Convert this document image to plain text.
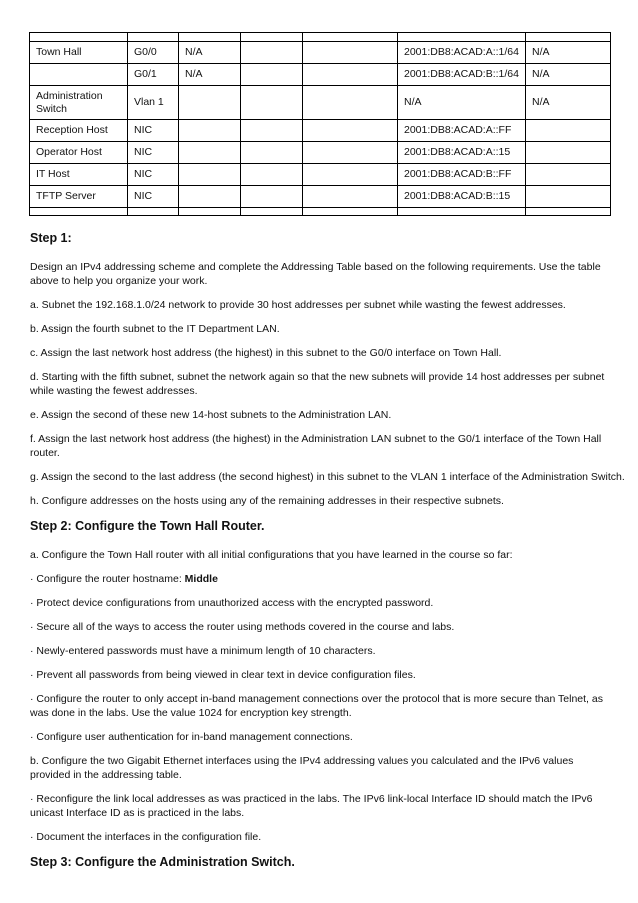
Town Hall	G0/0	N/A			2001:DB8:ACAD:A::1/64	N/A
	G0/1	N/A			2001:DB8:ACAD:B::1/64	N/A
Administration Switch	Vlan 1				N/A	N/A
Reception Host	NIC				2001:DB8:ACAD:A::FF	
Operator Host	NIC				2001:DB8:ACAD:A::15	
IT Host	NIC				2001:DB8:ACAD:B::FF	
TFTP Server	NIC				2001:DB8:ACAD:B::15	

Step 1:

Design an IPv4 addressing scheme and complete the Addressing Table based on the following requirements. Use the table above to help you organize your work.

a. Subnet the 192.168.1.0/24 network to provide 30 host addresses per subnet while wasting the fewest addresses.

b. Assign the fourth subnet to the IT Department LAN.

c. Assign the last network host address (the highest) in this subnet to the G0/0 interface on Town Hall.

d. Starting with the fifth subnet, subnet the network again so that the new subnets will provide 14 host addresses per subnet while wasting the fewest addresses.

e. Assign the second of these new 14-host subnets to the Administration LAN.

f. Assign the last network host address (the highest) in the Administration LAN subnet to the G0/1 interface of the Town Hall router.

g. Assign the second to the last address (the second highest) in this subnet to the VLAN 1 interface of the Administration Switch.

h. Configure addresses on the hosts using any of the remaining addresses in their respective subnets.

Step 2: Configure the Town Hall Router.

a. Configure the Town Hall router with all initial configurations that you have learned in the course so far:

· Configure the router hostname: Middle

· Protect device configurations from unauthorized access with the encrypted password.

· Secure all of the ways to access the router using methods covered in the course and labs.

· Newly-entered passwords must have a minimum length of 10 characters.

· Prevent all passwords from being viewed in clear text in device configuration files.

· Configure the router to only accept in-band management connections over the protocol that is more secure than Telnet, as was done in the labs. Use the value 1024 for encryption key strength.

· Configure user authentication for in-band management connections.

b. Configure the two Gigabit Ethernet interfaces using the IPv4 addressing values you calculated and the IPv6 values provided in the addressing table.

· Reconfigure the link local addresses as was practiced in the labs. The IPv6 link-local Interface ID should match the IPv6 unicast Interface ID as is practiced in the labs.

· Document the interfaces in the configuration file.

Step 3: Configure the Administration Switch.
